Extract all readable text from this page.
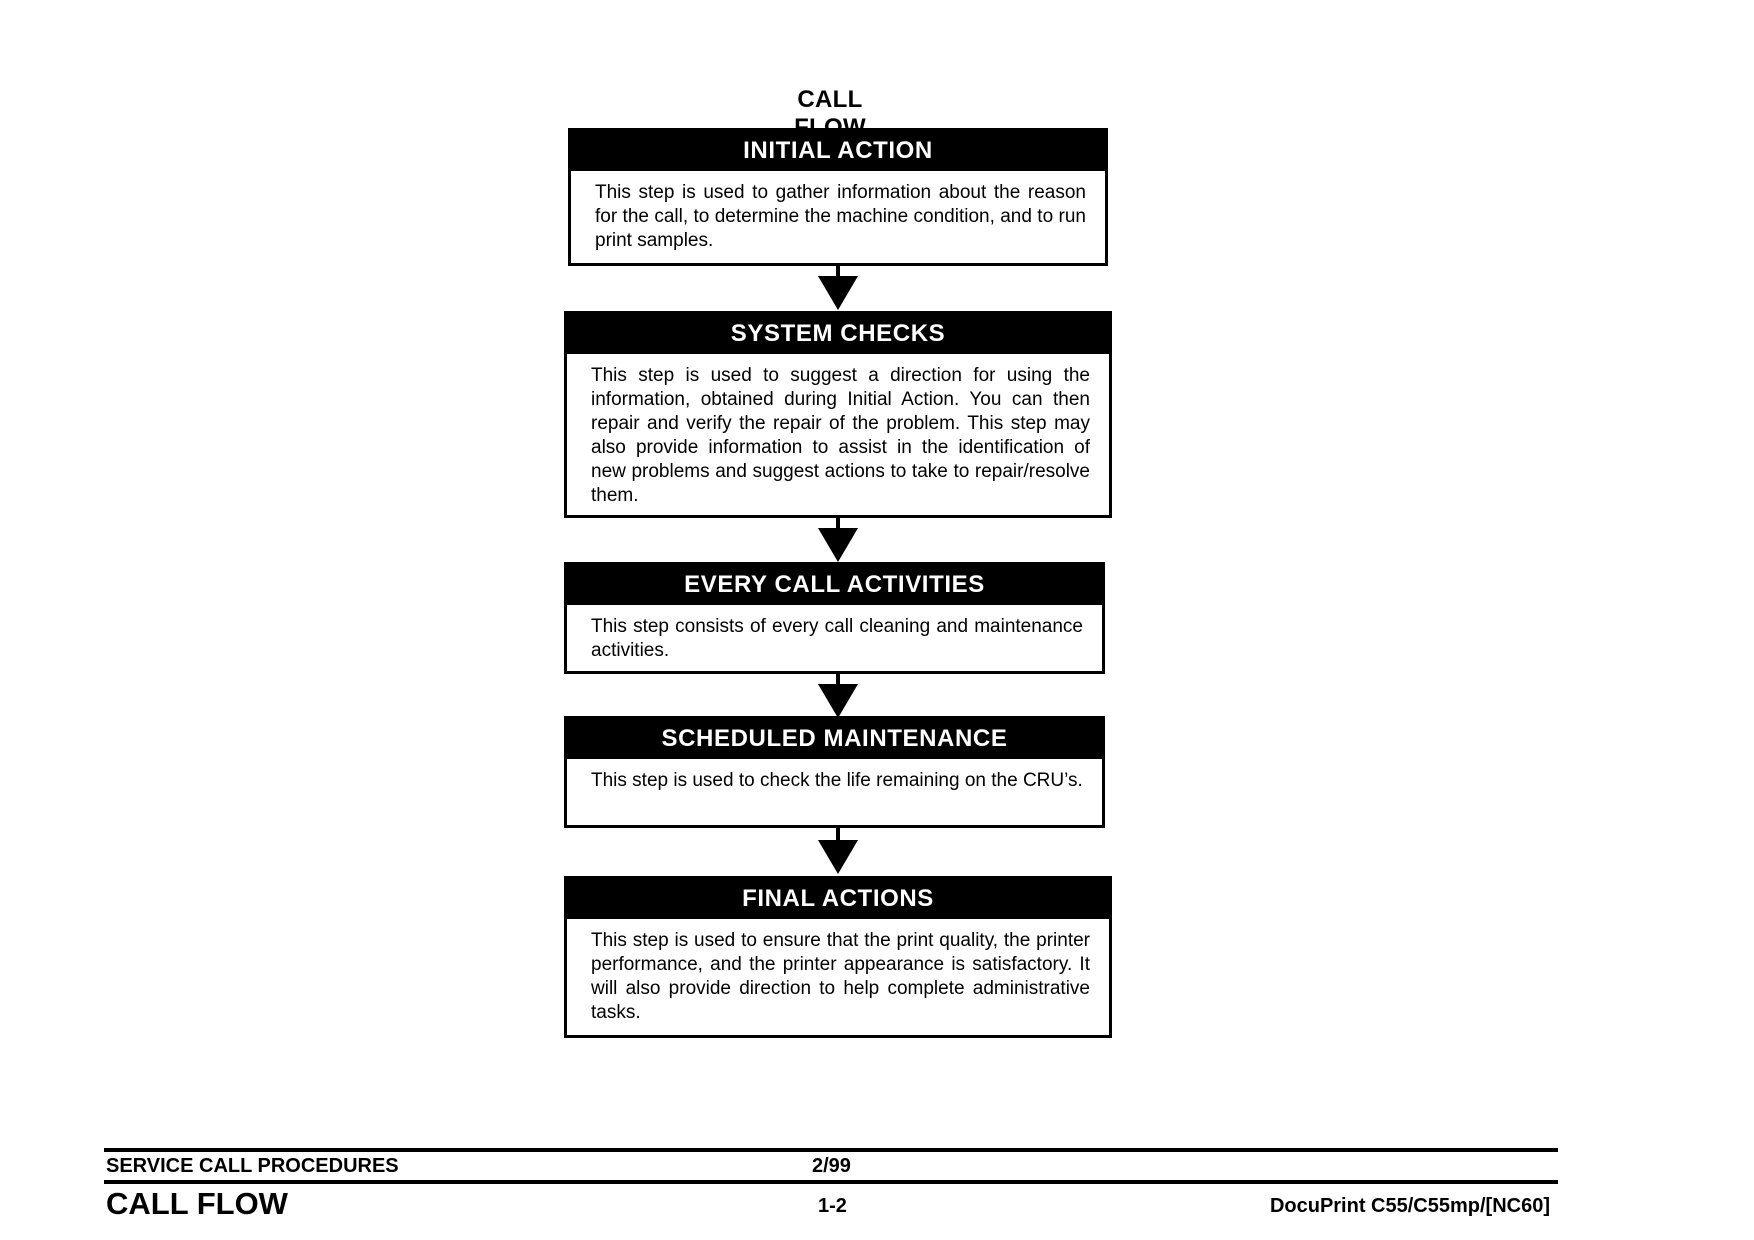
CALL
INITIAL ACTION
This step is used to gather information about the reason for the call, to determine the machine condition, and to run print samples.
SYSTEM CHECKS
This step is used to suggest a direction for using the information, obtained during Initial Action. You can then repair and verify the repair of the problem. This step may also provide information to assist in the identification of new problems and suggest actions to take to repair/resolve them.
EVERY CALL ACTIVITIES
This step consists of every call cleaning and maintenance activities.
SCHEDULED MAINTENANCE
This step is used to check the life remaining on the CRU’s.
FINAL ACTIONS
This step is used to ensure that the print quality, the printer performance, and the printer appearance is satisfactory. It will also provide direction to help complete administrative tasks.
SERVICE CALL PROCEDURES	2/99
CALL FLOW	1-2	DocuPrint C55/C55mp/[NC60]
